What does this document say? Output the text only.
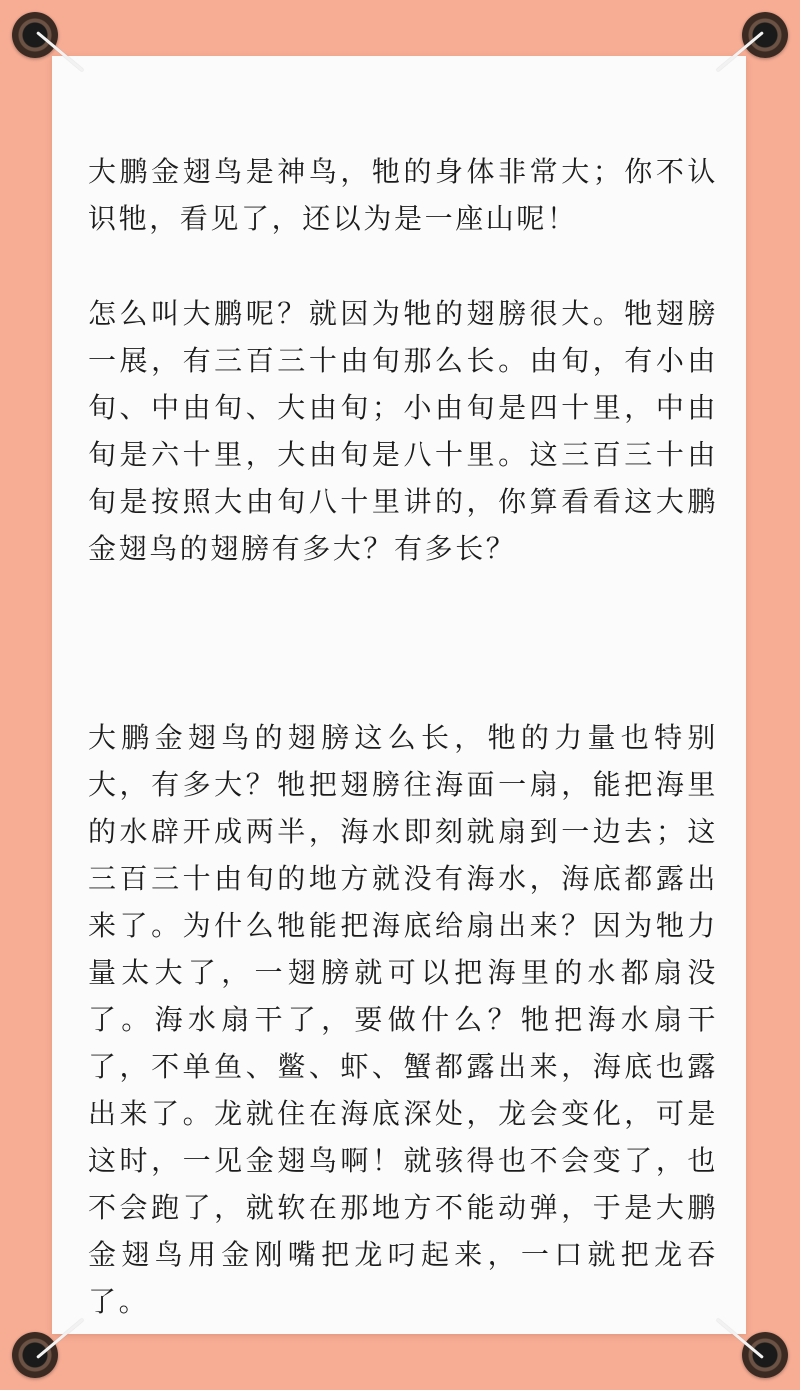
大鹏金翅鸟是神鸟，牠的身体非常大；你不认识牠，看见了，还以为是一座山呢！

怎么叫大鹏呢？就因为牠的翅膀很大。牠翅膀一展，有三百三十由旬那么长。由旬，有小由旬、中由旬、大由旬；小由旬是四十里，中由旬是六十里，大由旬是八十里。这三百三十由旬是按照大由旬八十里讲的，你算看看这大鹏金翅鸟的翅膀有多大？有多长？

大鹏金翅鸟的翅膀这么长，牠的力量也特别大，有多大？牠把翅膀往海面一扇，能把海里的水辟开成两半，海水即刻就扇到一边去；这三百三十由旬的地方就没有海水，海底都露出来了。为什么牠能把海底给扇出来？因为牠力量太大了，一翅膀就可以把海里的水都扇没了。海水扇干了，要做什么？牠把海水扇干了，不单鱼、鳖、虾、蟹都露出来，海底也露出来了。龙就住在海底深处，龙会变化，可是这时，一见金翅鸟啊！就骇得也不会变了，也不会跑了，就软在那地方不能动弹，于是大鹏金翅鸟用金刚嘴把龙叼起来，一口就把龙吞了。
